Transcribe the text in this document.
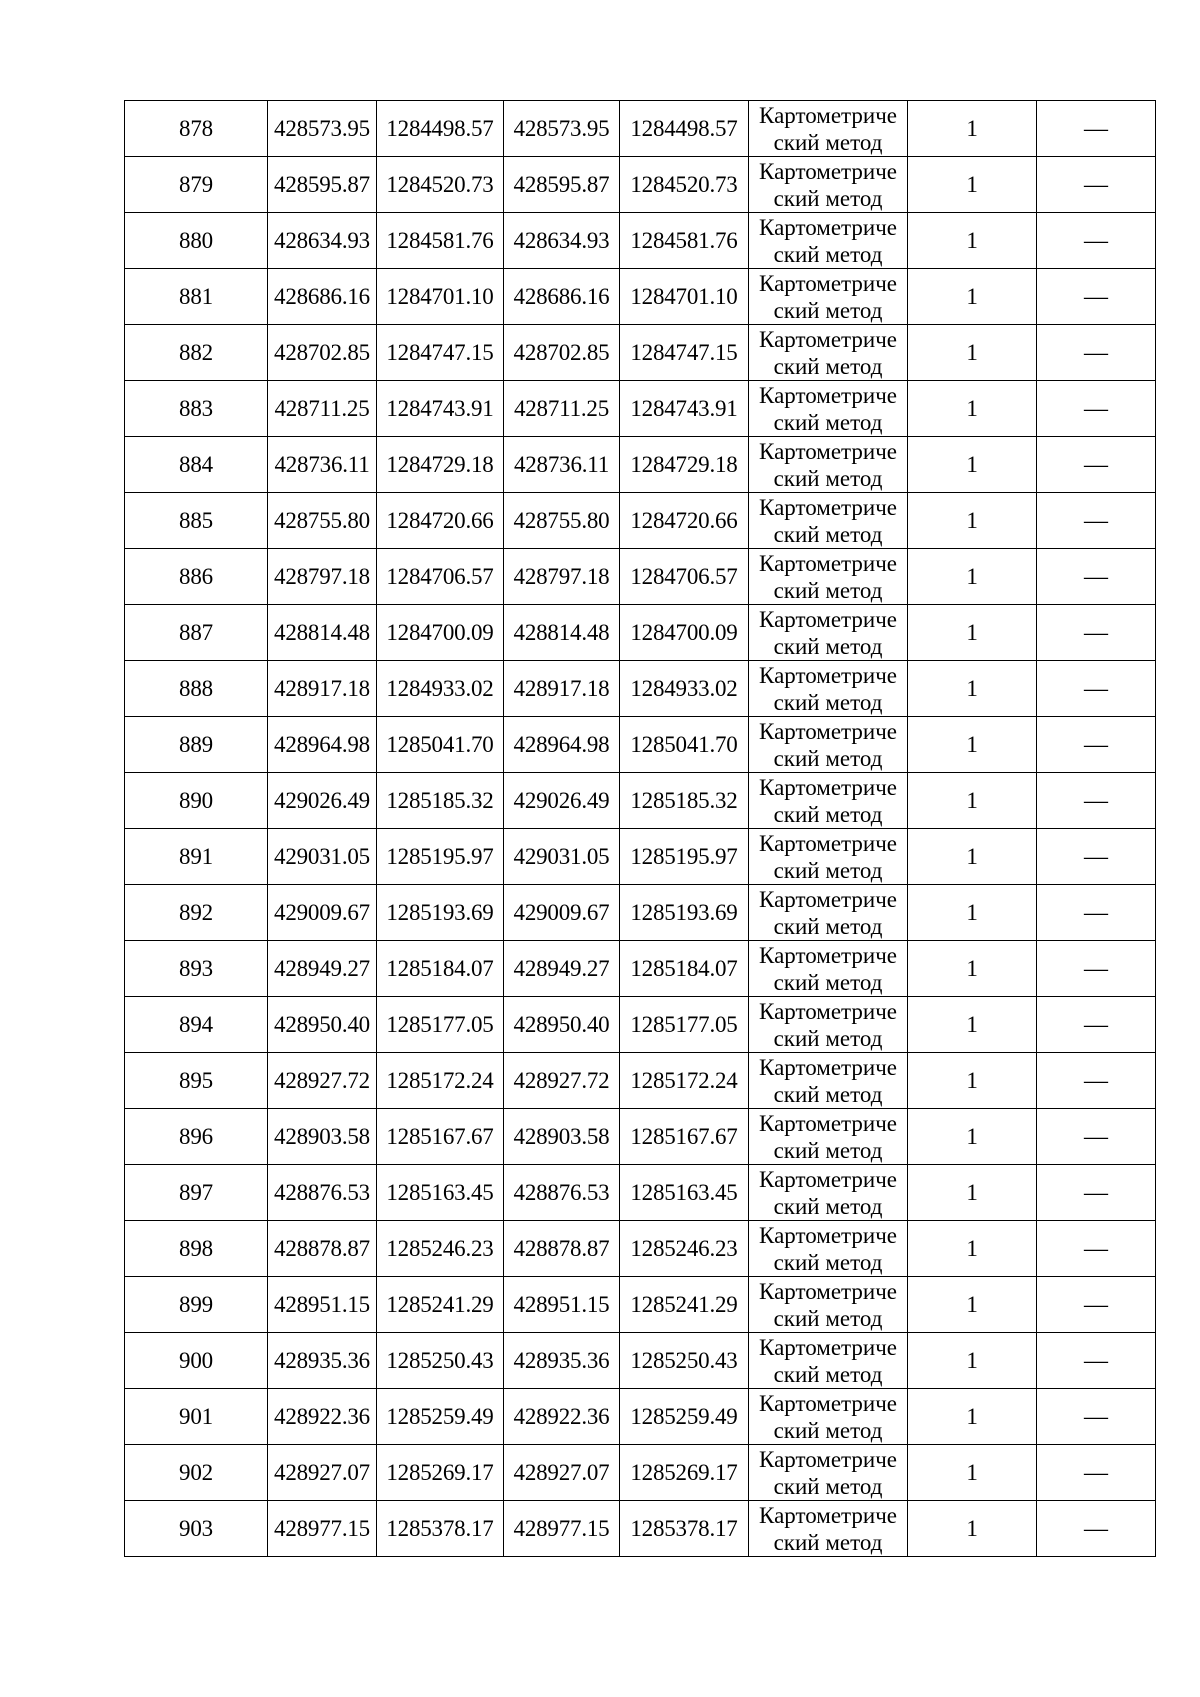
878	428573.95	1284498.57	428573.95	1284498.57	Картометриче
ский метод	1	—
879	428595.87	1284520.73	428595.87	1284520.73	Картометриче
ский метод	1	—
880	428634.93	1284581.76	428634.93	1284581.76	Картометриче
ский метод	1	—
881	428686.16	1284701.10	428686.16	1284701.10	Картометриче
ский метод	1	—
882	428702.85	1284747.15	428702.85	1284747.15	Картометриче
ский метод	1	—
883	428711.25	1284743.91	428711.25	1284743.91	Картометриче
ский метод	1	—
884	428736.11	1284729.18	428736.11	1284729.18	Картометриче
ский метод	1	—
885	428755.80	1284720.66	428755.80	1284720.66	Картометриче
ский метод	1	—
886	428797.18	1284706.57	428797.18	1284706.57	Картометриче
ский метод	1	—
887	428814.48	1284700.09	428814.48	1284700.09	Картометриче
ский метод	1	—
888	428917.18	1284933.02	428917.18	1284933.02	Картометриче
ский метод	1	—
889	428964.98	1285041.70	428964.98	1285041.70	Картометриче
ский метод	1	—
890	429026.49	1285185.32	429026.49	1285185.32	Картометриче
ский метод	1	—
891	429031.05	1285195.97	429031.05	1285195.97	Картометриче
ский метод	1	—
892	429009.67	1285193.69	429009.67	1285193.69	Картометриче
ский метод	1	—
893	428949.27	1285184.07	428949.27	1285184.07	Картометриче
ский метод	1	—
894	428950.40	1285177.05	428950.40	1285177.05	Картометриче
ский метод	1	—
895	428927.72	1285172.24	428927.72	1285172.24	Картометриче
ский метод	1	—
896	428903.58	1285167.67	428903.58	1285167.67	Картометриче
ский метод	1	—
897	428876.53	1285163.45	428876.53	1285163.45	Картометриче
ский метод	1	—
898	428878.87	1285246.23	428878.87	1285246.23	Картометриче
ский метод	1	—
899	428951.15	1285241.29	428951.15	1285241.29	Картометриче
ский метод	1	—
900	428935.36	1285250.43	428935.36	1285250.43	Картометриче
ский метод	1	—
901	428922.36	1285259.49	428922.36	1285259.49	Картометриче
ский метод	1	—
902	428927.07	1285269.17	428927.07	1285269.17	Картометриче
ский метод	1	—
903	428977.15	1285378.17	428977.15	1285378.17	Картометриче
ский метод	1	—
